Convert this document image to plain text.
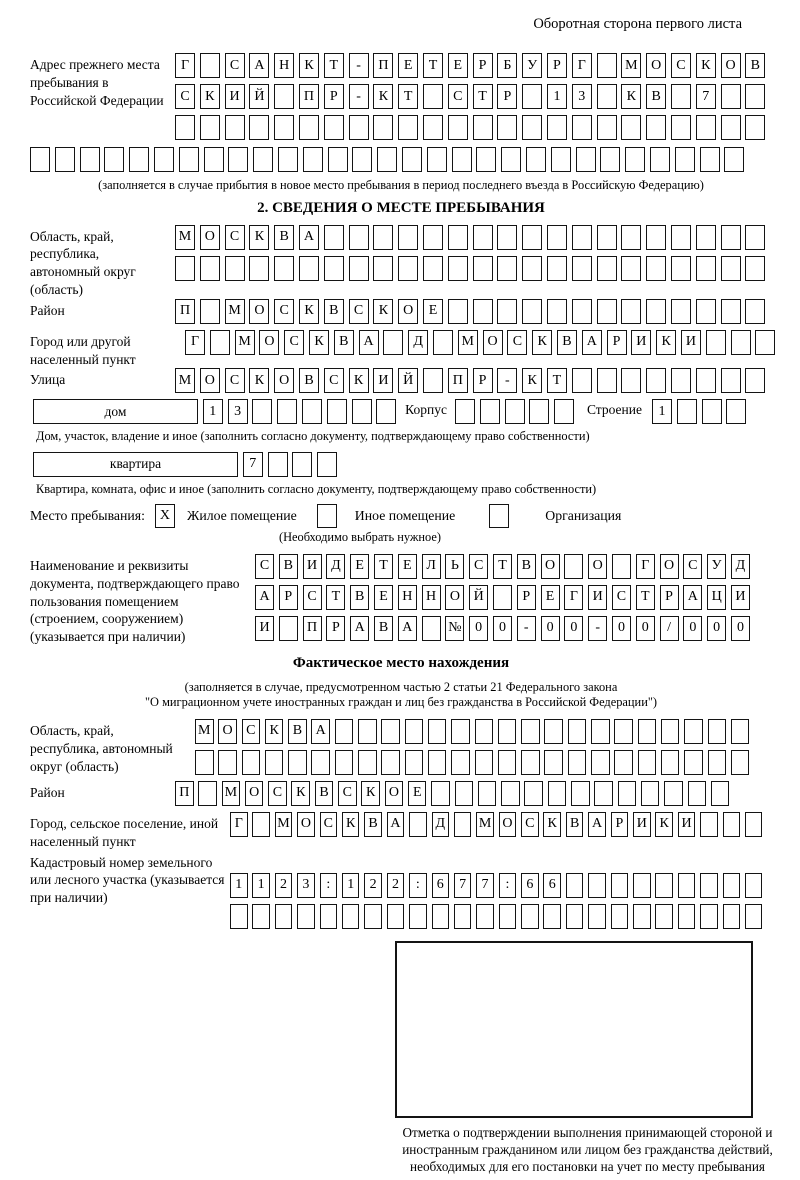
Оборотная сторона первого листа
Адрес прежнего места пребывания в Российской Федерации
Г	С	А	Н	К	Т	-	П	Е	Т	Е	Р	Б	У	Р	Г	М О	С	К	О	В
С	К	И	Й	П	Р	-	К	Т	С	Т	Р	1	3	К	В	7
(заполняется в случае прибытия в новое место пребывания в период последнего въезда в Российскую Федерацию)
2. СВЕДЕНИЯ О МЕСТЕ ПРЕБЫВАНИЯ
Область, край, республика, автономный округ (область)
М О	С	К	В	А
Район	П	М О	С	К	В	С	К	О	Е
Город или другой населенный пункт
Г	М О	С	К	В	А	Д	М О	С	К	В	А	Р	И	К	И
Улица	М О	С	К	О	В	С	К	И	Й	П	Р	-	К	Т
дом	1	3	Корпус	Строение	1
Дом, участок, владение и иное (заполнить согласно документу, подтверждающему право собственности)
квартира	7
Квартира, комната, офис и иное (заполнить согласно документу, подтверждающему право собственности)
Место пребывания:	X	Жилое помещение	Иное помещение	Организация
(Необходимо выбрать нужное)
Наименование и реквизиты документа, подтверждающего право пользования помещением (строением, сооружением) (указывается при наличии)
С	В	И Д	Е	Т	Е	Л	Ь	С	Т	В	О	О	Г	О	С	У	Д
А	Р	С	Т	В	Е	Н Н О Й	Р	Е	Г	И	С	Т	Р	А Ц И
И	П	Р	А	В	А	№ 0	0	-	0	0	-	0	0	/	0	0	0
Фактическое место нахождения
(заполняется в случае, предусмотренном частью 2 статьи 21 Федерального закона
"О миграционном учете иностранных граждан и лиц без гражданства в Российской Федерации")
Область, край, республика, автономный округ (область)
М О С К В А
Район	П	М О С К В С К О Е
Город, сельское поселение, иной населенный пункт
Г	М О С К В А Д М О С К В А Р И К И
Кадастровый номер земельного или лесного участка (указывается при наличии)
1	1	2	3	:	1	2	2	:	6	7	7	:	6	6
Отметка о подтверждении выполнения принимающей стороной и иностранным гражданином или лицом без гражданства действий, необходимых для его постановки на учет по месту пребывания
